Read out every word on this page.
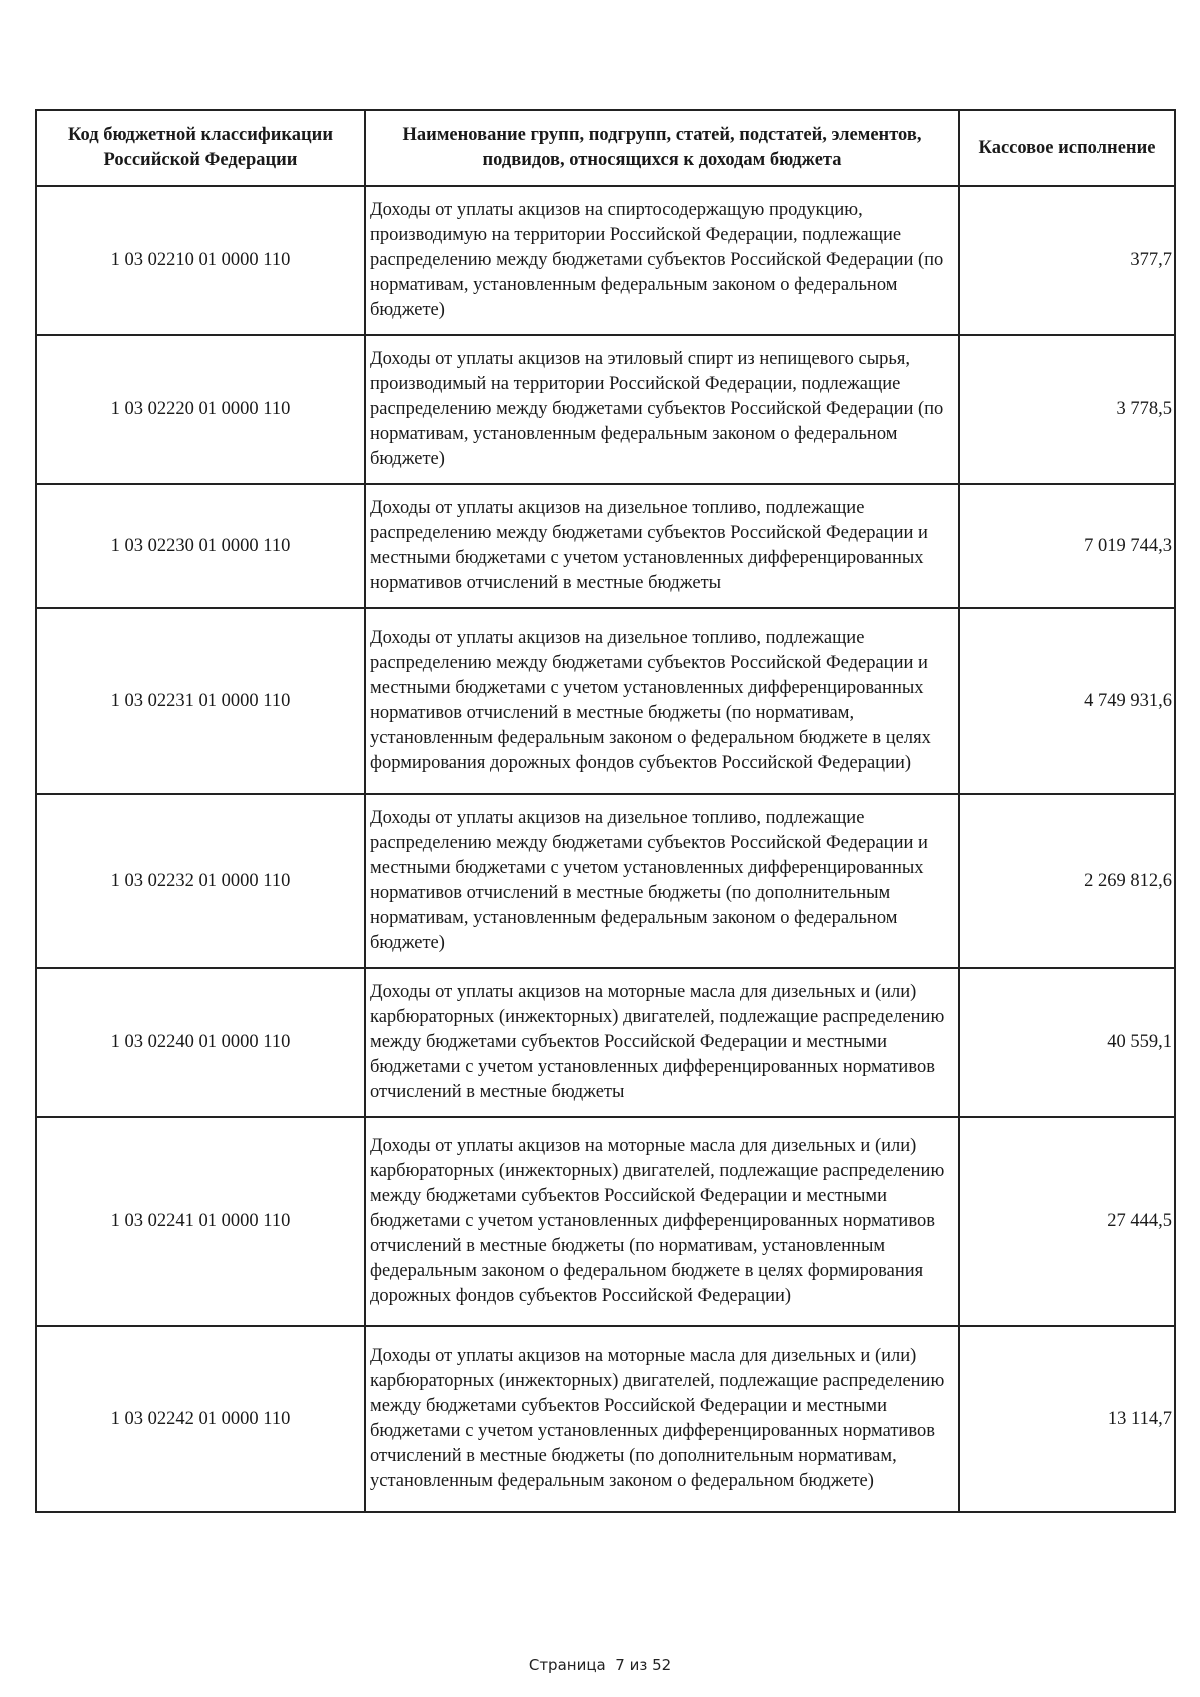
Код бюджетной классификации Российской Федерации	Наименование групп, подгрупп, статей, подстатей, элементов, подвидов, относящихся к доходам бюджета	Кассовое исполнение
1 03 02210 01 0000 110	Доходы от уплаты акцизов на спиртосодержащую продукцию, производимую на территории Российской Федерации, подлежащие распределению между бюджетами субъектов Российской Федерации (по нормативам, установленным федеральным законом о федеральном бюджете)	377,7
1 03 02220 01 0000 110	Доходы от уплаты акцизов на этиловый спирт из непищевого сырья, производимый на территории Российской Федерации, подлежащие распределению между бюджетами субъектов Российской Федерации (по нормативам, установленным федеральным законом о федеральном бюджете)	3 778,5
1 03 02230 01 0000 110	Доходы от уплаты акцизов на дизельное топливо, подлежащие распределению между бюджетами субъектов Российской Федерации и местными бюджетами с учетом установленных дифференцированных нормативов отчислений в местные бюджеты	7 019 744,3
1 03 02231 01 0000 110	Доходы от уплаты акцизов на дизельное топливо, подлежащие распределению между бюджетами субъектов Российской Федерации и местными бюджетами с учетом установленных дифференцированных нормативов отчислений в местные бюджеты (по нормативам, установленным федеральным законом о федеральном бюджете в целях формирования дорожных фондов субъектов Российской Федерации)	4 749 931,6
1 03 02232 01 0000 110	Доходы от уплаты акцизов на дизельное топливо, подлежащие распределению между бюджетами субъектов Российской Федерации и местными бюджетами с учетом установленных дифференцированных нормативов отчислений в местные бюджеты (по дополнительным нормативам, установленным федеральным законом о федеральном бюджете)	2 269 812,6
1 03 02240 01 0000 110	Доходы от уплаты акцизов на моторные масла для дизельных и (или) карбюраторных (инжекторных) двигателей, подлежащие распределению между бюджетами субъектов Российской Федерации и местными бюджетами с учетом установленных дифференцированных нормативов отчислений в местные бюджеты	40 559,1
1 03 02241 01 0000 110	Доходы от уплаты акцизов на моторные масла для дизельных и (или) карбюраторных (инжекторных) двигателей, подлежащие распределению между бюджетами субъектов Российской Федерации и местными бюджетами с учетом установленных дифференцированных нормативов отчислений в местные бюджеты (по нормативам, установленным федеральным законом о федеральном бюджете в целях формирования дорожных фондов субъектов Российской Федерации)	27 444,5
1 03 02242 01 0000 110	Доходы от уплаты акцизов на моторные масла для дизельных и (или) карбюраторных (инжекторных) двигателей, подлежащие распределению между бюджетами субъектов Российской Федерации и местными бюджетами с учетом установленных дифференцированных нормативов отчислений в местные бюджеты (по дополнительным нормативам, установленным федеральным законом о федеральном бюджете)	13 114,7
Страница  7 из 52
